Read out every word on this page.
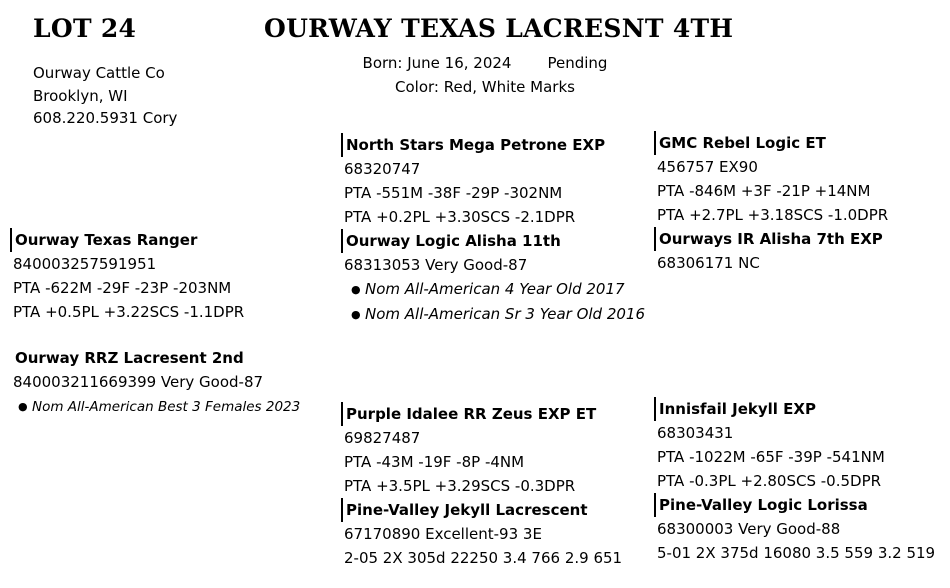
LOT 24	OURWAY TEXAS LACRESNT 4TH
Ourway Cattle Co
Brooklyn, WI
608.220.5931 Cory
Born: June 16, 2024 Pending
Color: Red, White Marks
Ourway Texas Ranger
840003257591951
PTA -622M -29F -23P -203NM
PTA +0.5PL +3.22SCS -1.1DPR
Ourway RRZ Lacresent 2nd
840003211669399 Very Good-87
● Nom All-American Best 3 Females 2023
North Stars Mega Petrone EXP
68320747
PTA -551M -38F -29P -302NM
PTA +0.2PL +3.30SCS -2.1DPR
Ourway Logic Alisha 11th
68313053 Very Good-87
● Nom All-American 4 Year Old 2017
● Nom All-American Sr 3 Year Old 2016
GMC Rebel Logic ET
456757 EX90
PTA -846M +3F -21P +14NM
PTA +2.7PL +3.18SCS -1.0DPR
Ourways IR Alisha 7th EXP
68306171 NC
Purple Idalee RR Zeus EXP ET
69827487
PTA -43M -19F -8P -4NM
PTA +3.5PL +3.29SCS -0.3DPR
Pine-Valley Jekyll Lacrescent
67170890 Excellent-93 3E
2-05 2X 305d 22250 3.4 766 2.9 651
Innisfail Jekyll EXP
68303431
PTA -1022M -65F -39P -541NM
PTA -0.3PL +2.80SCS -0.5DPR
Pine-Valley Logic Lorissa
68300003 Very Good-88
5-01 2X 375d 16080 3.5 559 3.2 519
